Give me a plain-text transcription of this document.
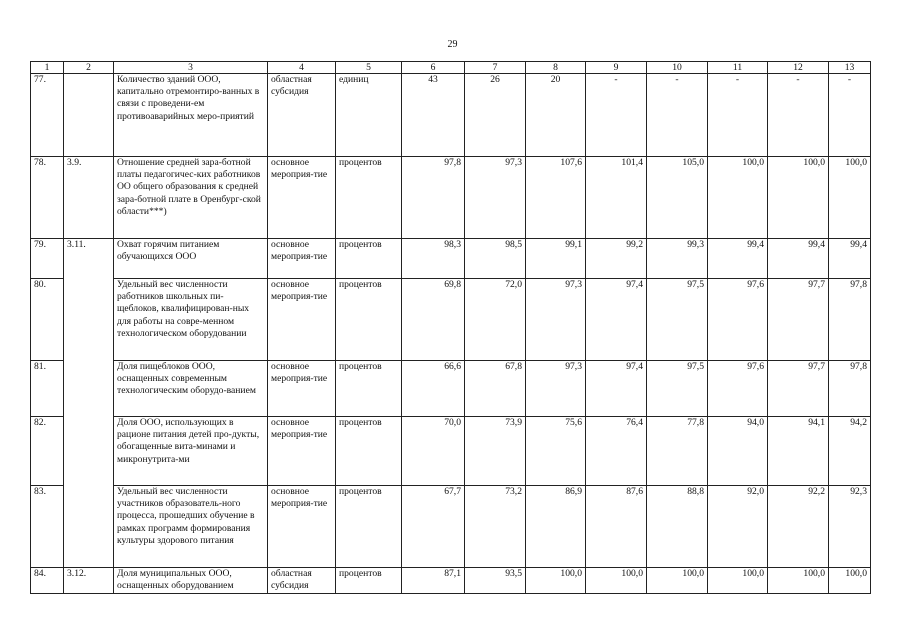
29
1	2	3	4	5	6	7	8	9	10	11	12	13
77.		Количество зданий ООО, капитально отремонтиро-ванных в связи с проведени-ем противоаварийных меро-приятий	областная субсидия	единиц	43	26	20	-	-	-	-	-
78.	3.9.	Отношение средней зара-ботной платы педагогичес-ких работников ОО общего образования к средней зара-ботной плате в Оренбург-ской области***)	основное мероприя-тие	процентов	97,8	97,3	107,6	101,4	105,0	100,0	100,0	100,0
79.	3.11.	Охват горячим питанием обучающихся ООО	основное мероприя-тие	процентов	98,3	98,5	99,1	99,2	99,3	99,4	99,4	99,4
80.		Удельный вес численности работников школьных пи-щеблоков, квалифицирован-ных для работы на совре-менном технологическом оборудовании	основное мероприя-тие	процентов	69,8	72,0	97,3	97,4	97,5	97,6	97,7	97,8
81.		Доля пищеблоков ООО, оснащенных современным технологическим оборудо-ванием	основное мероприя-тие	процентов	66,6	67,8	97,3	97,4	97,5	97,6	97,7	97,8
82.		Доля ООО, использующих в рационе питания детей про-дукты, обогащенные вита-минами и микронутрита-ми	основное мероприя-тие	процентов	70,0	73,9	75,6	76,4	77,8	94,0	94,1	94,2
83.		Удельный вес численности участников образователь-ного процесса, прошедших обучение в рамках программ формирования культуры здорового питания	основное мероприя-тие	процентов	67,7	73,2	86,9	87,6	88,8	92,0	92,2	92,3
84.	3.12.	Доля муниципальных ООО, оснащенных оборудованием	областная субсидия	процентов	87,1	93,5	100,0	100,0	100,0	100,0	100,0	100,0
